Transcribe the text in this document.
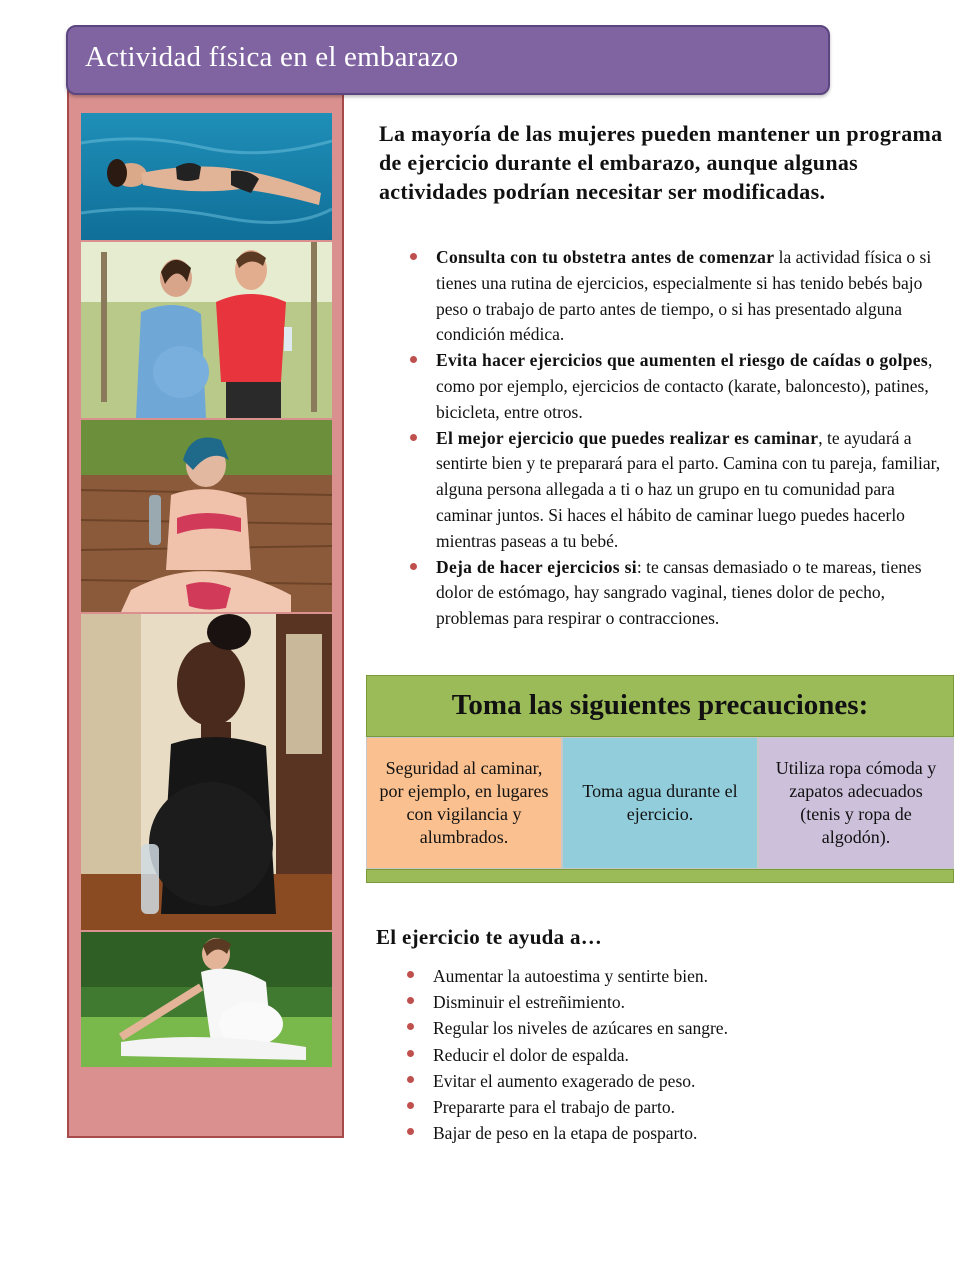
Actividad física en el embarazo

La mayoría de las mujeres pueden mantener un programa de ejercicio durante el embarazo, aunque algunas actividades podrían necesitar ser modificadas.

Consulta con tu obstetra antes de comenzar la actividad física o si tienes una rutina de ejercicios, especialmente si has tenido bebés bajo peso o trabajo de parto antes de tiempo, o si has presentado alguna condición médica.
Evita hacer ejercicios que aumenten el riesgo de caídas o golpes, como por ejemplo, ejercicios de contacto (karate, baloncesto), patines, bicicleta, entre otros.
El mejor ejercicio que puedes realizar es caminar, te ayudará a sentirte bien y te preparará para el parto. Camina con tu pareja, familiar, alguna persona allegada a ti o haz un grupo en tu comunidad para caminar juntos. Si haces el hábito de caminar luego puedes hacerlo mientras paseas a tu bebé.
Deja de hacer ejercicios si: te cansas demasiado o te mareas, tienes dolor de estómago, hay sangrado vaginal, tienes dolor de pecho, problemas para respirar o contracciones.
Toma las siguientes precauciones:
Seguridad al caminar, por ejemplo, en lugares con vigilancia y alumbrados.
Toma agua durante el ejercicio.
Utiliza ropa cómoda y zapatos adecuados (tenis y ropa de algodón).
El ejercicio te ayuda a…
Aumentar la autoestima y sentirte bien.
Disminuir el estreñimiento.
Regular los niveles de azúcares en sangre.
Reducir el dolor de espalda.
Evitar el aumento exagerado de peso.
Prepararte para el trabajo de parto.
Bajar de peso en la etapa de posparto.
